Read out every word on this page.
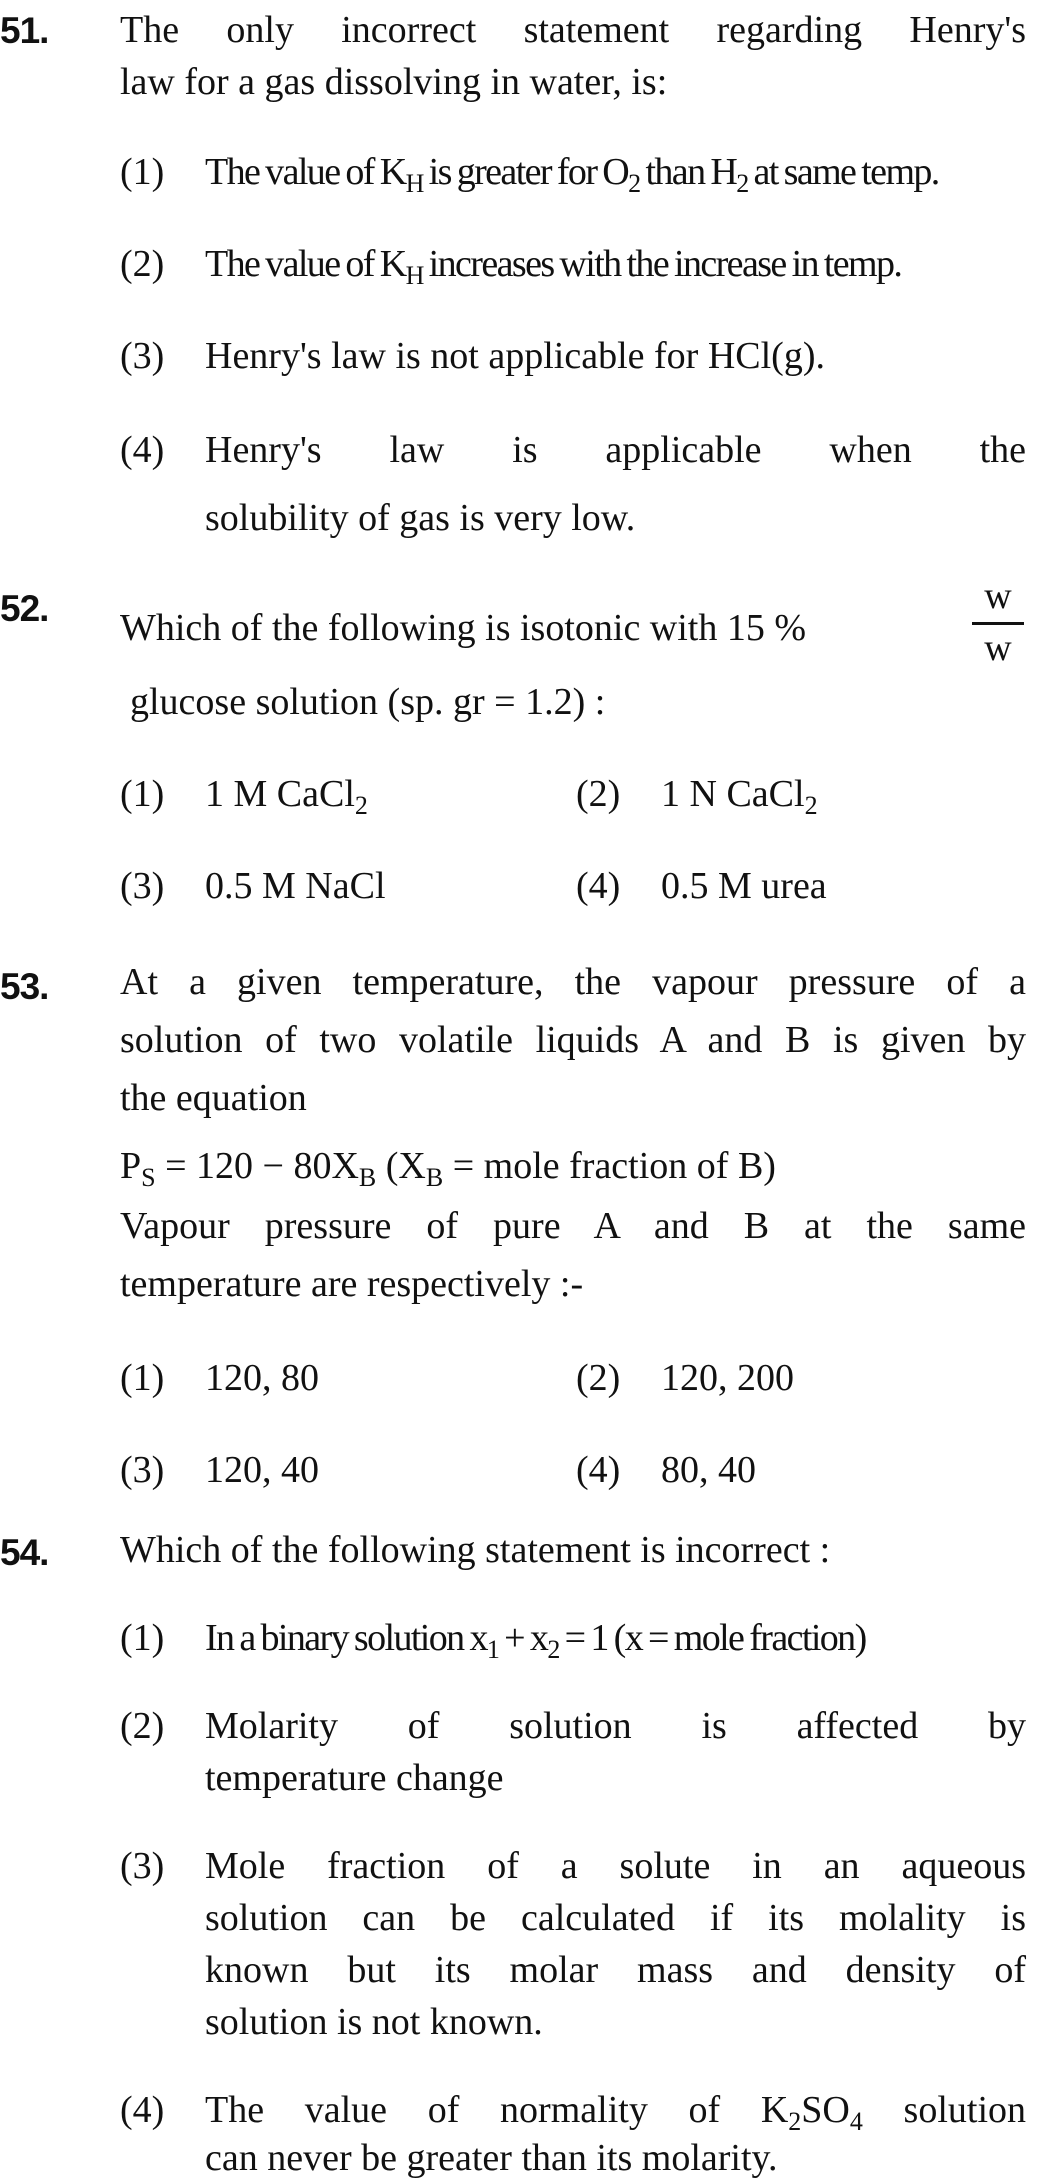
51. The only incorrect statement regarding Henry's
law for a gas dissolving in water, is:
(1) The value of $K_H$ is greater for $O_2$ than $H_2$ at same temp.
(2) The value of $K_H$ increases with the increase in temp.
(3) Henry's law is not applicable for HCl(g).
(4) Henry's law is applicable when the
solubility of gas is very low.
52. Which of the following is isotonic with 15 %
w
w
glucose solution (sp. gr = 1.2) :
(1) 1 M CaCl$_2$	(2) 1 N CaCl$_2$
(3) 0.5 M NaCl	(4) 0.5 M urea
53. At a given temperature, the vapour pressure of a
solution of two volatile liquids A and B is given by
the equation
$P_S = 120 - 80X_B$ ($X_B$ = mole fraction of B)
Vapour pressure of pure A and B at the same
temperature are respectively :-
(1) 120, 80	(2) 120, 200
(3) 120, 40	(4) 80, 40
54. Which of the following statement is incorrect :
(1) In a binary solution $x_1 + x_2 = 1$ (x = mole fraction)
(2) Molarity of solution is affected by
temperature change
(3) Mole fraction of a solute in an aqueous
solution can be calculated if its molality is
known but its molar mass and density of
solution is not known.
(4) The value of normality of $K_2SO_4$ solution
can never be greater than its molarity.
